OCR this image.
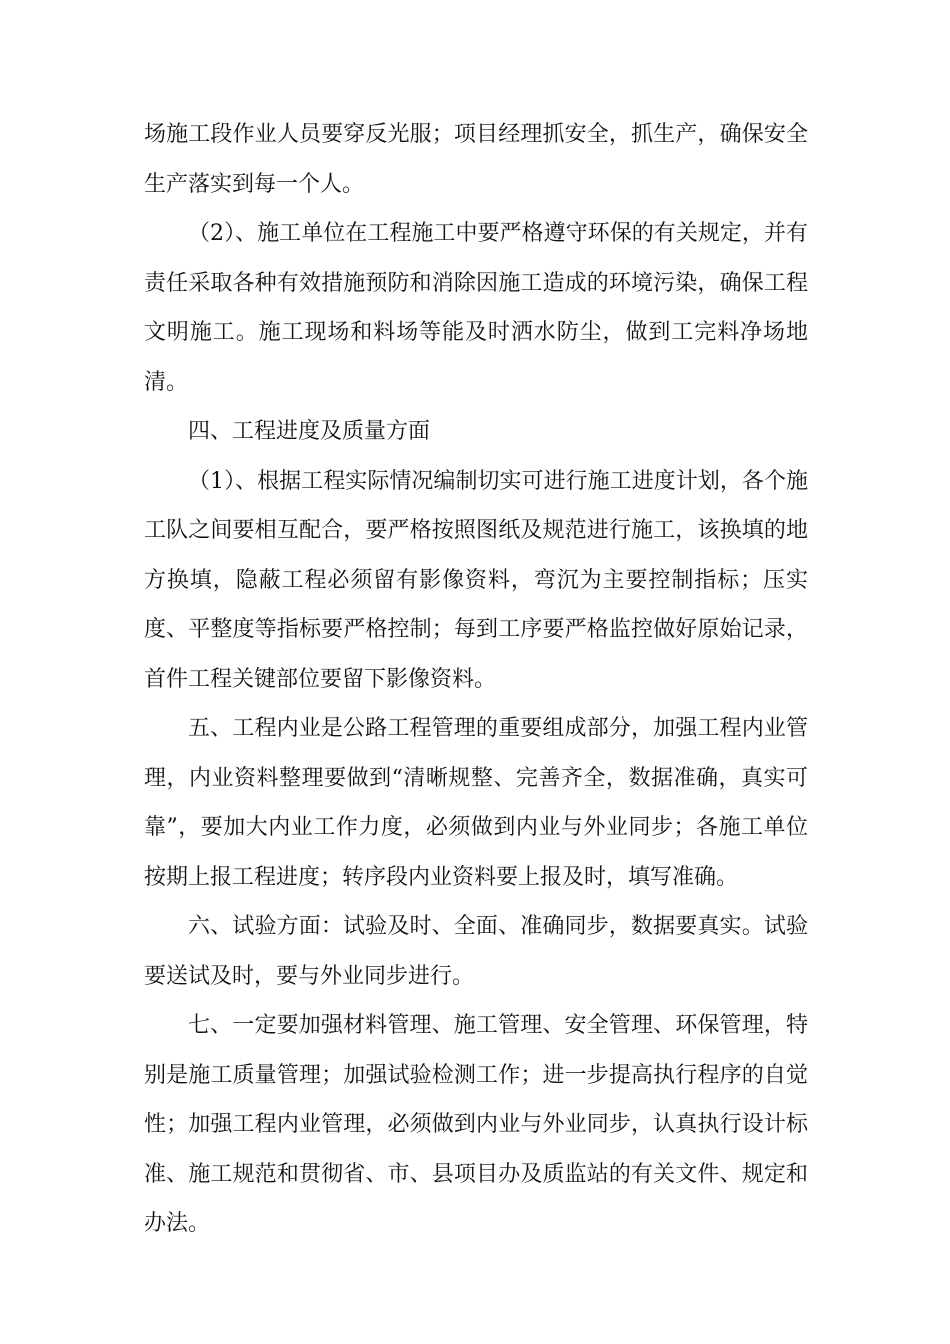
场施工段作业人员要穿反光服；项目经理抓安全，抓生产，确保安全生产落实到每一个人。

（2）、施工单位在工程施工中要严格遵守环保的有关规定，并有责任采取各种有效措施预防和消除因施工造成的环境污染，确保工程文明施工。施工现场和料场等能及时洒水防尘，做到工完料净场地清。

四、工程进度及质量方面

（1）、根据工程实际情况编制切实可进行施工进度计划，各个施工队之间要相互配合，要严格按照图纸及规范进行施工，该换填的地方换填，隐蔽工程必须留有影像资料，弯沉为主要控制指标；压实度、平整度等指标要严格控制；每到工序要严格监控做好原始记录，首件工程关键部位要留下影像资料。

五、工程内业是公路工程管理的重要组成部分，加强工程内业管理，内业资料整理要做到“清晰规整、完善齐全，数据准确，真实可靠”，要加大内业工作力度，必须做到内业与外业同步；各施工单位按期上报工程进度；转序段内业资料要上报及时，填写准确。

六、试验方面：试验及时、全面、准确同步，数据要真实。试验要送试及时，要与外业同步进行。

七、一定要加强材料管理、施工管理、安全管理、环保管理，特别是施工质量管理；加强试验检测工作；进一步提高执行程序的自觉性；加强工程内业管理，必须做到内业与外业同步，认真执行设计标准、施工规范和贯彻省、市、县项目办及质监站的有关文件、规定和办法。
